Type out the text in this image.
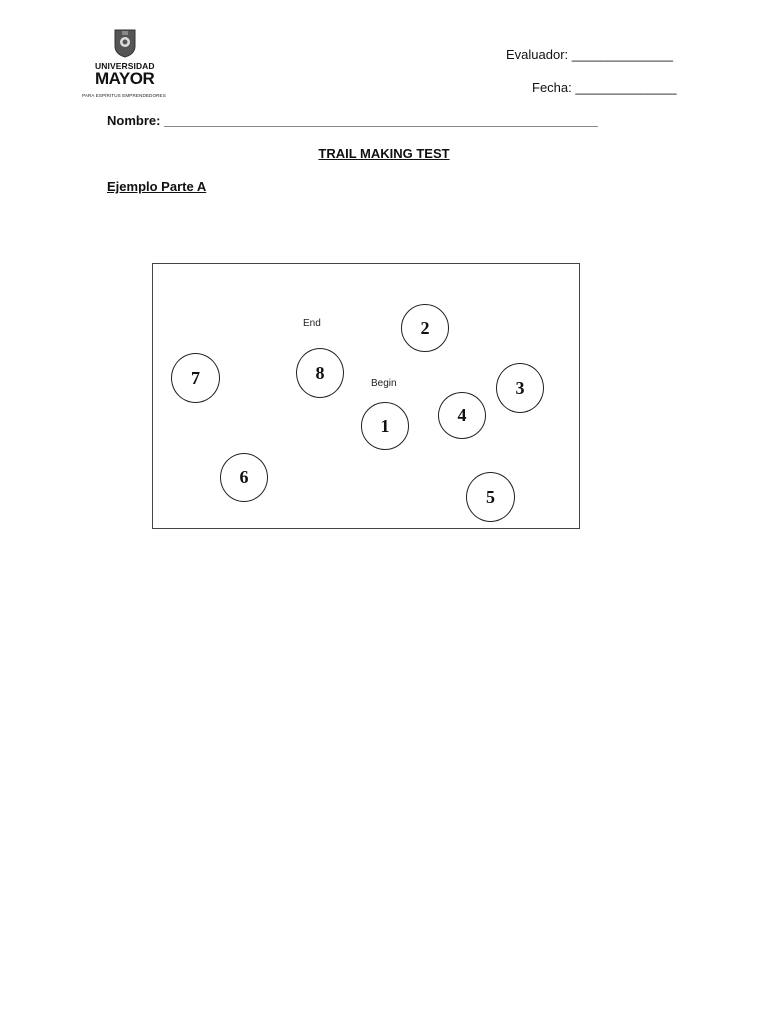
UNIVERSIDAD
MAYOR
PARA ESPÍRITUS EMPRENDEDORES
Evaluador: ______________
Fecha: ______________
Nombre: ____________________________________________________________
TRAIL MAKING TEST
Ejemplo Parte A
End
Begin
1
2
3
4
5
6
7	8
